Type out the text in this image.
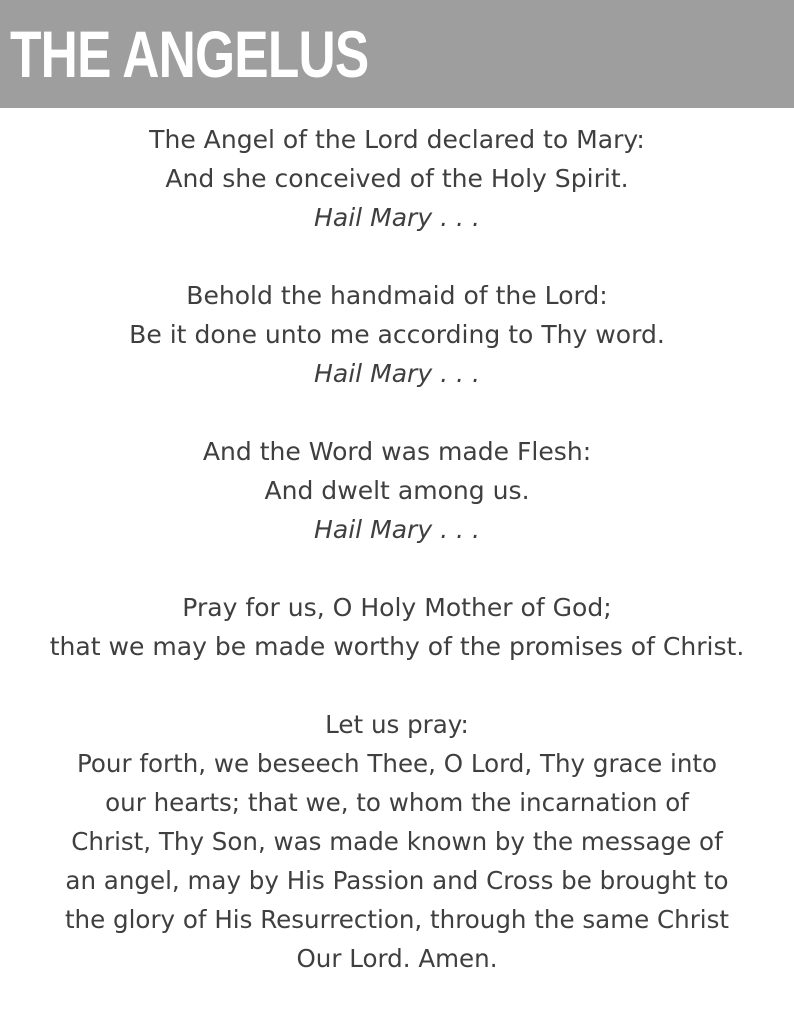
THE ANGELUS
The Angel of the Lord declared to Mary:
And she conceived of the Holy Spirit.
Hail Mary . . .
Behold the handmaid of the Lord:
Be it done unto me according to Thy word.
Hail Mary . . .
And the Word was made Flesh:
And dwelt among us.
Hail Mary . . .
Pray for us, O Holy Mother of God;
that we may be made worthy of the promises of Christ.
Let us pray:
Pour forth, we beseech Thee, O Lord, Thy grace into
our hearts; that we, to whom the incarnation of
Christ, Thy Son, was made known by the message of
an angel, may by His Passion and Cross be brought to
the glory of His Resurrection, through the same Christ
Our Lord. Amen.
